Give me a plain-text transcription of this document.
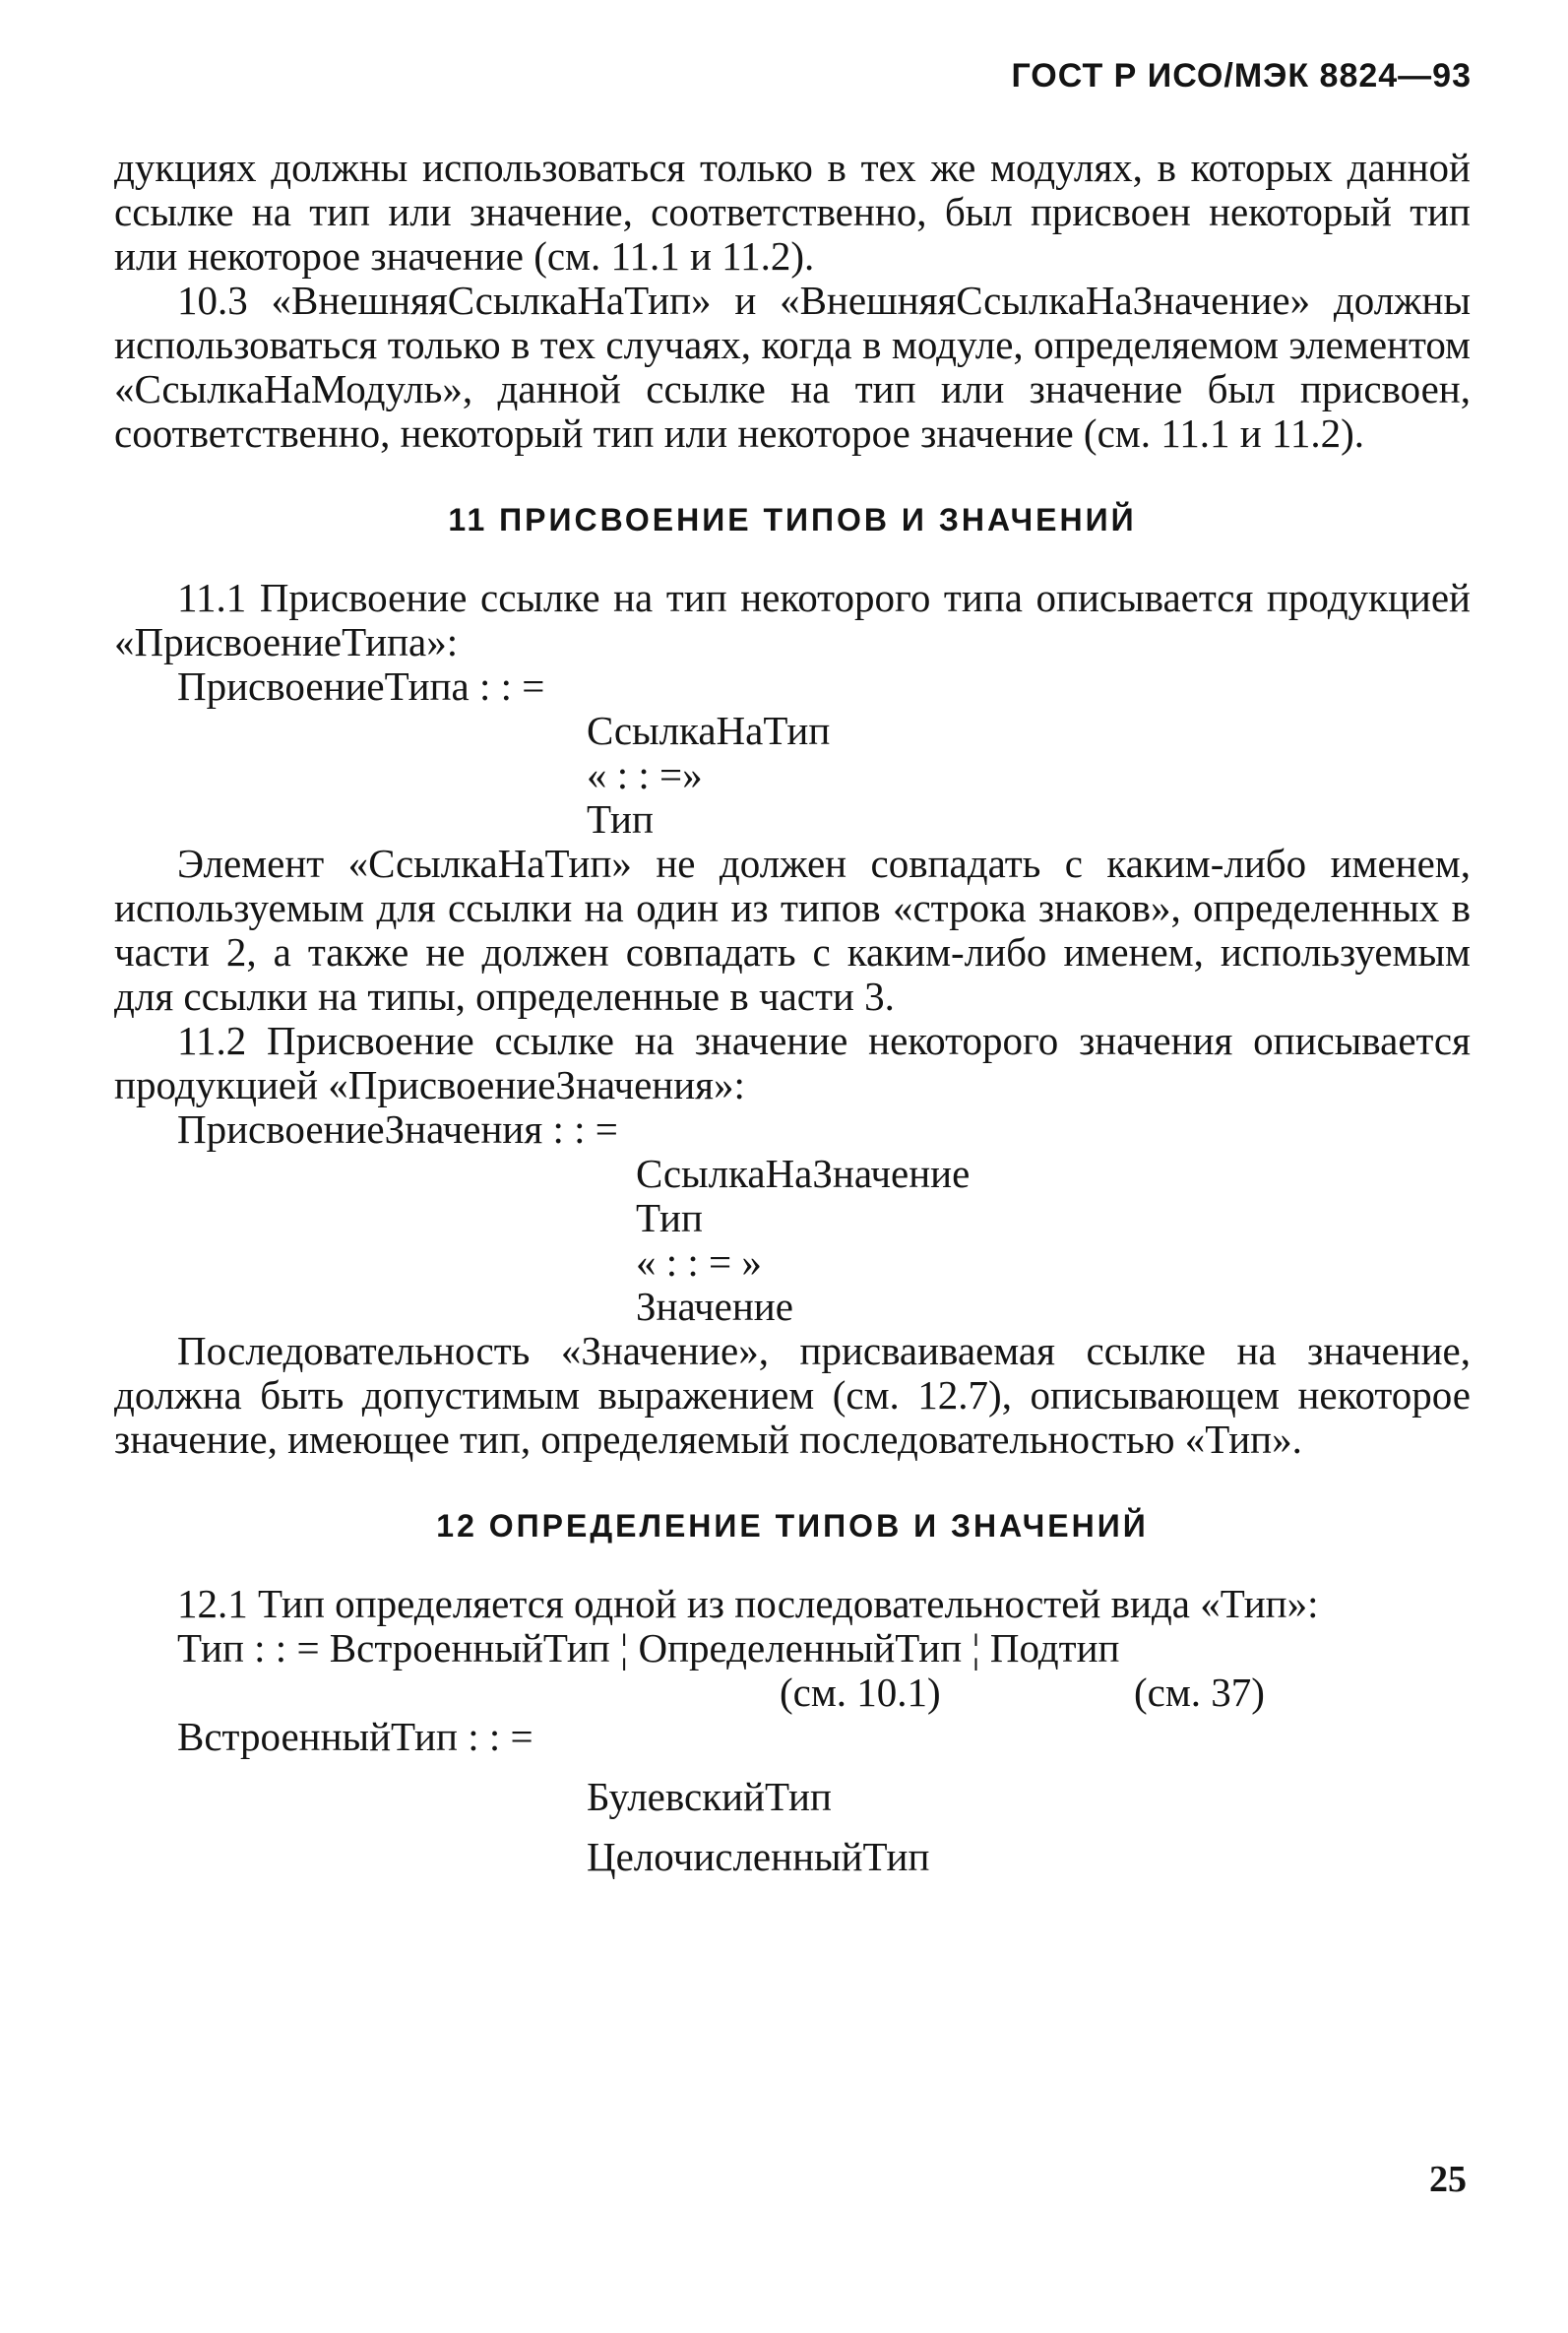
ГОСТ Р ИСО/МЭК 8824—93

дукциях должны использоваться только в тех же модулях, в которых данной ссылке на тип или значение, соответственно, был присвоен некоторый тип или некоторое значение (см. 11.1 и 11.2).

10.3 «ВнешняяСсылкаНаТип» и «ВнешняяСсылкаНаЗначение» должны использоваться только в тех случаях, когда в модуле, определяемом элементом «СсылкаНаМодуль», данной ссылке на тип или значение был присвоен, соответственно, некоторый тип или некоторое значение (см. 11.1 и 11.2).

11 ПРИСВОЕНИЕ ТИПОВ И ЗНАЧЕНИЙ

11.1 Присвоение ссылке на тип некоторого типа описывается продукцией «ПрисвоениеТипа»:

ПрисвоениеТипа : : =

СсылкаНаТип

« : : =»

Тип

Элемент «СсылкаНаТип» не должен совпадать с каким-либо именем, используемым для ссылки на один из типов «строка знаков», определенных в части 2, а также не должен совпадать с каким-либо именем, используемым для ссылки на типы, определенные в части 3.

11.2 Присвоение ссылке на значение некоторого значения описывается продукцией «ПрисвоениеЗначения»:

ПрисвоениеЗначения : : =

СсылкаНаЗначение

Тип

« : : = »

Значение

Последовательность «Значение», присваиваемая ссылке на значение, должна быть допустимым выражением (см. 12.7), описывающем некоторое значение, имеющее тип, определяемый последовательностью «Тип».

12 ОПРЕДЕЛЕНИЕ ТИПОВ И ЗНАЧЕНИЙ

12.1 Тип определяется одной из последовательностей вида «Тип»:

Тип : : = ВстроенныйТип ¦ ОпределенныйТип ¦ Подтип

(см. 10.1)	(см. 37)

ВстроенныйТип : : =

БулевскийТип

ЦелочисленныйТип

25
